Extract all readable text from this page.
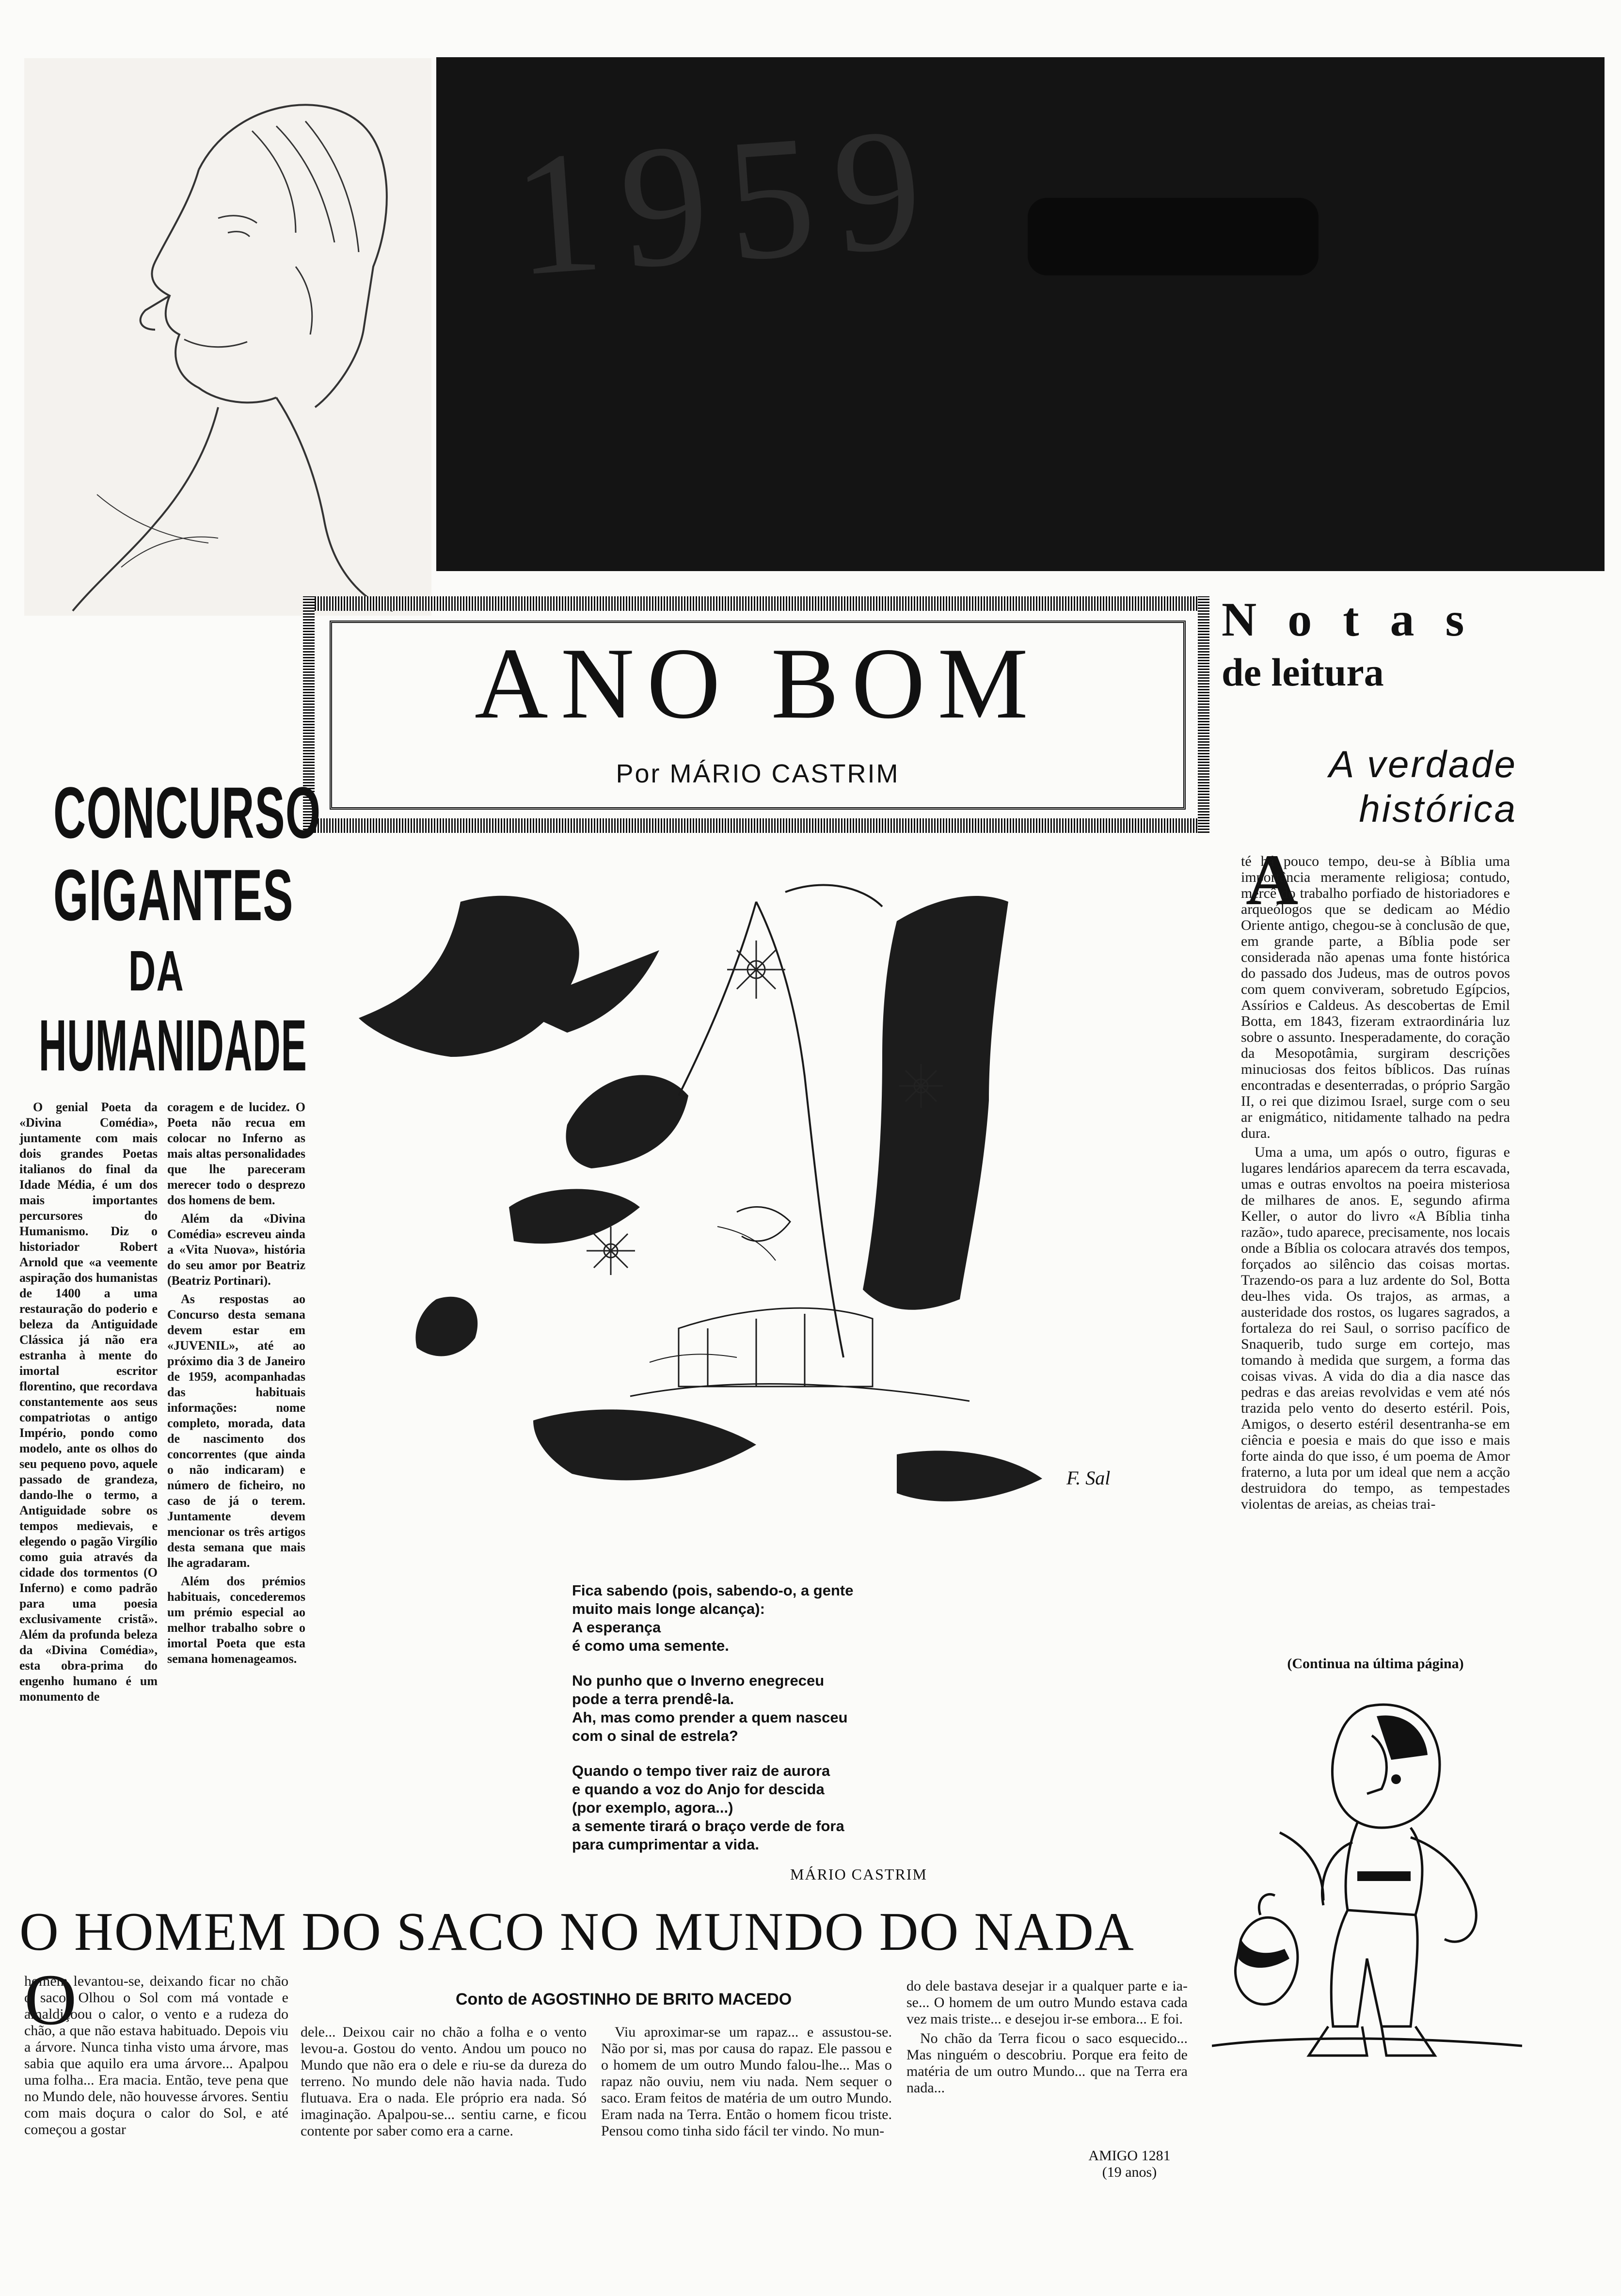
1959
ANO BOM
Por MÁRIO CASTRIM
Notas
de leitura
A verdade histórica
CONCURSO
GIGANTES
DA
HUMANIDADE

O genial Poeta da «Divina Comédia», juntamente com mais dois grandes Poetas italianos do final da Idade Média, é um dos mais importantes percursores do Humanismo. Diz o historiador Robert Arnold que «a veemente aspiração dos humanistas de 1400 a uma restauração do poderio e beleza da Antiguidade Clássica já não era estranha à mente do imortal escritor florentino, que recordava constantemente aos seus compatriotas o antigo Império, pondo como modelo, ante os olhos do seu pequeno povo, aquele passado de grandeza, dando-lhe o termo, a Antiguidade sobre os tempos medievais, e elegendo o pagão Virgílio como guia através da cidade dos tormentos (O Inferno) e como padrão para uma poesia exclusivamente cristã». Além da profunda beleza da «Divina Comédia», esta obra-prima do engenho humano é um monumento de

coragem e de lucidez. O Poeta não recua em colocar no Inferno as mais altas personalidades que lhe pareceram merecer todo o desprezo dos homens de bem.

Além da «Divina Comédia» escreveu ainda a «Vita Nuova», história do seu amor por Beatriz (Beatriz Portinari).

As respostas ao Concurso desta semana devem estar em «JUVENIL», até ao próximo dia 3 de Janeiro de 1959, acompanhadas das habituais informações: nome completo, morada, data de nascimento dos concorrentes (que ainda o não indicaram) e número de ficheiro, no caso de já o terem. Juntamente devem mencionar os três artigos desta semana que mais lhe agradaram.

Além dos prémios habituais, concederemos um prémio especial ao melhor trabalho sobre o imortal Poeta que esta semana homenageamos.

F. Sal
Fica sabendo (pois, sabendo-o, a gente
muito mais longe alcança):
A esperança
é como uma semente.
No punho que o Inverno enegreceu
pode a terra prendê-la.
Ah, mas como prender a quem nasceu
com o sinal de estrela?
Quando o tempo tiver raiz de aurora
e quando a voz do Anjo for descida
(por exemplo, agora...)
a semente tirará o braço verde de fora
para cumprimentar a vida.
MÁRIO CASTRIM
A

té há pouco tempo, deu-se à Bíblia uma importância meramente religiosa; contudo, mercê do trabalho porfiado de historiadores e arqueólogos que se dedicam ao Médio Oriente antigo, chegou-se à conclusão de que, em grande parte, a Bíblia pode ser considerada não apenas uma fonte histórica do passado dos Judeus, mas de outros povos com quem conviveram, sobretudo Egípcios, Assírios e Caldeus. As descobertas de Emil Botta, em 1843, fizeram extraordinária luz sobre o assunto. Inesperadamente, do coração da Mesopotâmia, surgiram descrições minuciosas dos feitos bíblicos. Das ruínas encontradas e desenterradas, o próprio Sargão II, o rei que dizimou Israel, surge com o seu ar enigmático, nitidamente talhado na pedra dura.

Uma a uma, um após o outro, figuras e lugares lendários aparecem da terra escavada, umas e outras envoltos na poeira misteriosa de milhares de anos. E, segundo afirma Keller, o autor do livro «A Bíblia tinha razão», tudo aparece, precisamente, nos locais onde a Bíblia os colocara através dos tempos, forçados ao silêncio das coisas mortas. Trazendo-os para a luz ardente do Sol, Botta deu-lhes vida. Os trajos, as armas, a austeridade dos rostos, os lugares sagrados, a fortaleza do rei Saul, o sorriso pacífico de Snaquerib, tudo surge em cortejo, mas tomando à medida que surgem, a forma das coisas vivas. A vida do dia a dia nasce das pedras e das areias revolvidas e vem até nós trazida pelo vento do deserto estéril. Pois, Amigos, o deserto estéril desentranha-se em ciência e poesia e mais do que isso e mais forte ainda do que isso, é um poema de Amor fraterno, a luta por um ideal que nem a acção destruidora do tempo, as tempestades violentas de areias, as cheias trai-

(Continua na última página)
O HOMEM DO SACO NO MUNDO DO NADA
Conto de AGOSTINHO DE BRITO MACEDO
O

homem levantou-se, deixando ficar no chão o saco. Olhou o Sol com má vontade e amaldiçoou o calor, o vento e a rudeza do chão, a que não estava habituado. Depois viu a árvore. Nunca tinha visto uma árvore, mas sabia que aquilo era uma árvore... Apalpou uma folha... Era macia. Então, teve pena que no Mundo dele, não houvesse árvores. Sentiu com mais doçura o calor do Sol, e até começou a gostar

dele... Deixou cair no chão a folha e o vento levou-a. Gostou do vento. Andou um pouco no Mundo que não era o dele e riu-se da dureza do terreno. No mundo dele não havia nada. Tudo flutuava. Era o nada. Ele próprio era nada. Só imaginação. Apalpou-se... sentiu carne, e ficou contente por saber como era a carne.

Viu aproximar-se um rapaz... e assustou-se. Não por si, mas por causa do rapaz. Ele passou e o homem de um outro Mundo falou-lhe... Mas o rapaz não ouviu, nem viu nada. Nem sequer o saco. Eram feitos de matéria de um outro Mundo. Eram nada na Terra. Então o homem ficou triste. Pensou como tinha sido fácil ter vindo. No mun-

do dele bastava desejar ir a qualquer parte e ia-se... O homem de um outro Mundo estava cada vez mais triste... e desejou ir-se embora... E foi.

No chão da Terra ficou o saco esquecido... Mas ninguém o descobriu. Porque era feito de matéria de um outro Mundo... que na Terra era nada...

AMIGO 1281
(19 anos)
